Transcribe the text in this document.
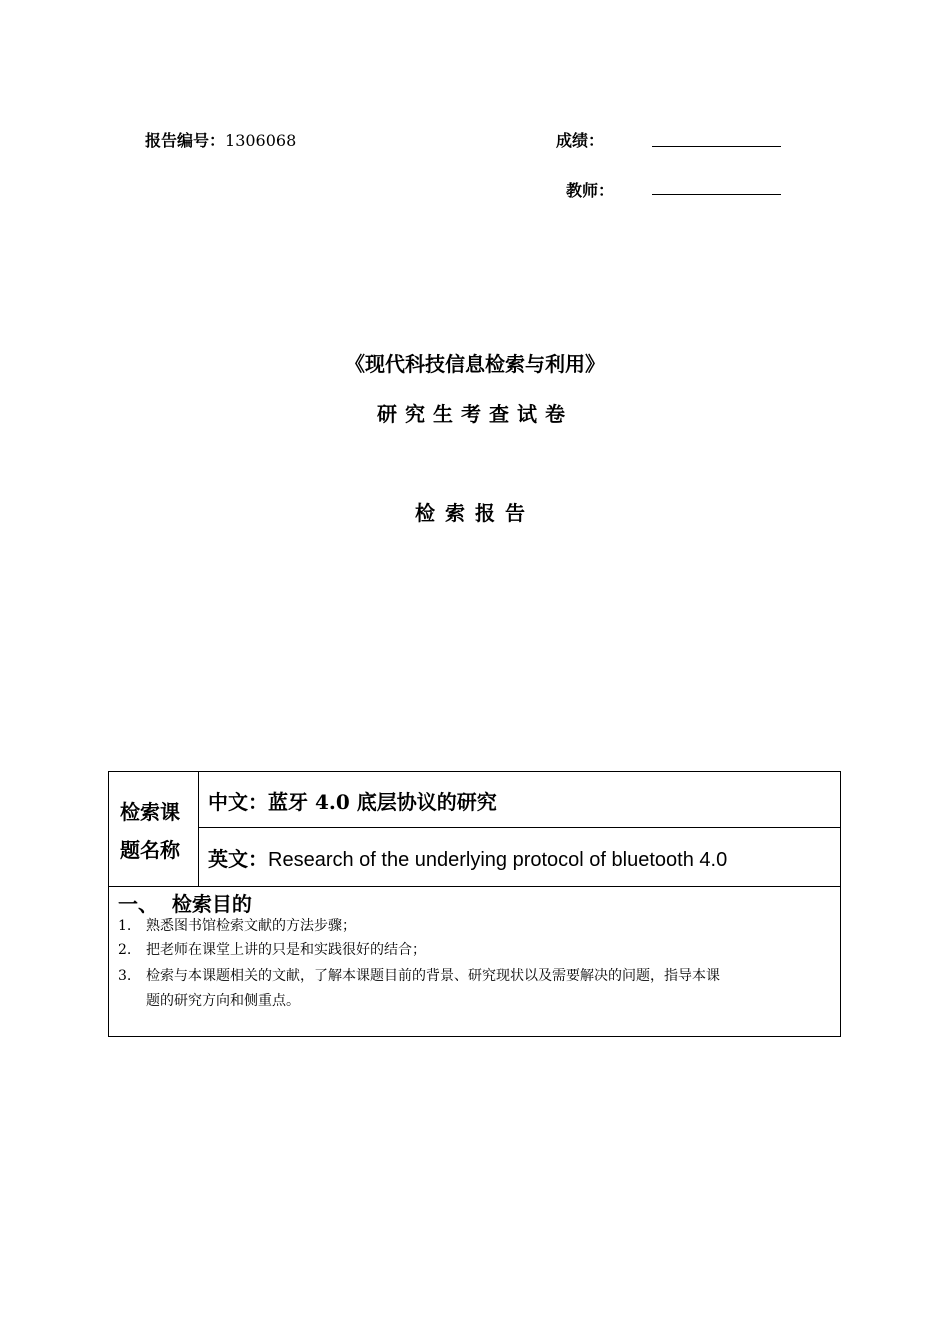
报告编号：1306068	成绩：
教师：
《现代科技信息检索与利用》
研究生考查试卷
检索报告
检索课
题名称
中文：蓝牙 4.0 底层协议的研究
英文：Research of the underlying protocol of bluetooth 4.0
一、  检索目的
1. 熟悉图书馆检索文献的方法步骤；
2. 把老师在课堂上讲的只是和实践很好的结合；
3. 检索与本课题相关的文献，了解本课题目前的背景、研究现状以及需要解决的问题，指导本课
题的研究方向和侧重点。
